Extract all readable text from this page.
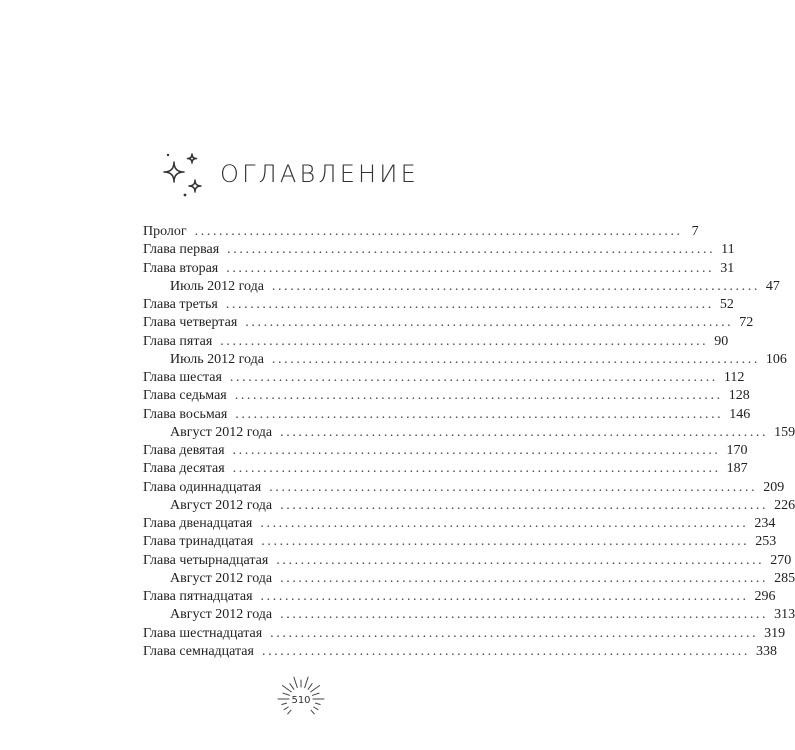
ОГЛАВЛЕНИЕ
Пролог ................................................................................ 7
Глава первая ................................................................................ 11
Глава вторая ................................................................................ 31
Июль 2012 года ................................................................................ 47
Глава третья ................................................................................ 52
Глава четвертая ................................................................................ 72
Глава пятая ................................................................................ 90
Июль 2012 года ................................................................................ 106
Глава шестая ................................................................................ 112
Глава седьмая ................................................................................ 128
Глава восьмая ................................................................................ 146
Август 2012 года ................................................................................ 159
Глава девятая ................................................................................ 170
Глава десятая ................................................................................ 187
Глава одиннадцатая ................................................................................ 209
Август 2012 года ................................................................................ 226
Глава двенадцатая ................................................................................ 234
Глава тринадцатая ................................................................................ 253
Глава четырнадцатая ................................................................................ 270
Август 2012 года ................................................................................ 285
Глава пятнадцатая ................................................................................ 296
Август 2012 года ................................................................................ 313
Глава шестнадцатая ................................................................................ 319
Глава семнадцатая ................................................................................ 338
510
